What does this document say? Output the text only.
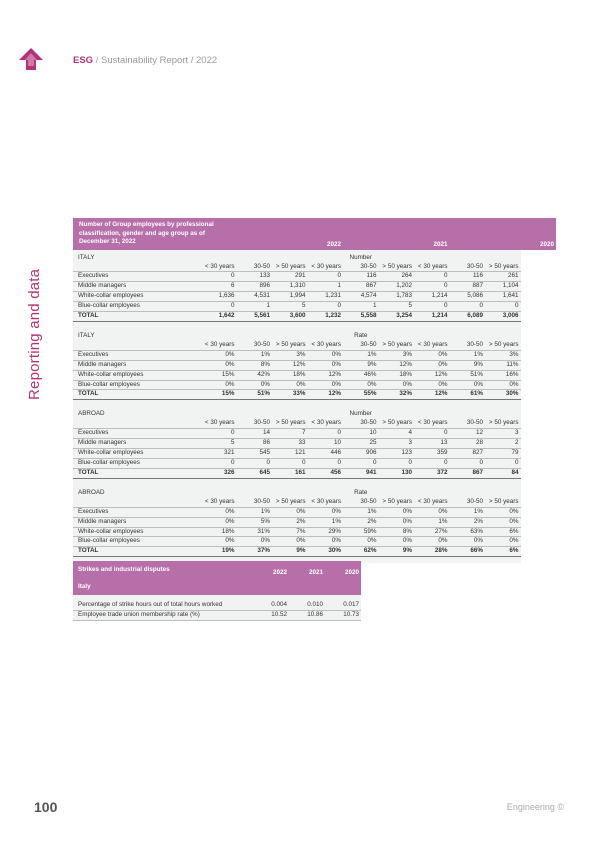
ESG / Sustainability Report / 2022
Reporting and data
Number of Group employees by professional classification, gender and age group as of December 31, 2022				2022			2021			2020
ITALY				Number						
	< 30 years	30-50	> 50 years	< 30 years	30-50	> 50 years	< 30 years	30-50	> 50 years	
Executives	0	133	291	0	116	264	0	116	261	
Middle managers	6	896	1,310	1	867	1,202	0	887	1,104	
White-collar employees	1,636	4,531	1,994	1,231	4,574	1,783	1,214	5,086	1,641	
Blue-collar employees	0	1	5	0	1	5	0	0	0	
TOTAL	1,642	5,561	3,600	1,232	5,558	3,254	1,214	6,089	3,006	

ITALY				Rate						
	< 30 years	30-50	> 50 years	< 30 years	30-50	> 50 years	< 30 years	30-50	> 50 years	
Executives	0%	1%	3%	0%	1%	3%	0%	1%	3%	
Middle managers	0%	8%	12%	0%	9%	12%	0%	9%	11%	
White-collar employees	15%	42%	18%	12%	46%	18%	12%	51%	16%	
Blue-collar employees	0%	0%	0%	0%	0%	0%	0%	0%	0%	
TOTAL	15%	51%	33%	12%	55%	32%	12%	61%	30%	

ABROAD				Number						
	< 30 years	30-50	> 50 years	< 30 years	30-50	> 50 years	< 30 years	30-50	> 50 years	
Executives	0	14	7	0	10	4	0	12	3	
Middle managers	5	86	33	10	25	3	13	28	2	
White-collar employees	321	545	121	446	906	123	359	827	79	
Blue-collar employees	0	0	0	0	0	0	0	0	0	
TOTAL	326	645	161	456	941	130	372	867	84	

ABROAD				Rate						
	< 30 years	30-50	> 50 years	< 30 years	30-50	> 50 years	< 30 years	30-50	> 50 years	
Executives	0%	1%	0%	0%	1%	0%	0%	1%	0%	
Middle managers	0%	5%	2%	1%	2%	0%	1%	2%	0%	
White-collar employees	18%	31%	7%	29%	59%	8%	27%	63%	6%	
Blue-collar employees	0%	0%	0%	0%	0%	0%	0%	0%	0%	
TOTAL	19%	37%	9%	30%	62%	9%	28%	66%	6%	

Strikes and industrial disputes	2022	2021	2020
Italy			

Percentage of strike hours out of total hours worked	0.004	0.010	0.017
Employee trade union membership rate (%)	10.52	10.86	10.73
100	Engineering ©
